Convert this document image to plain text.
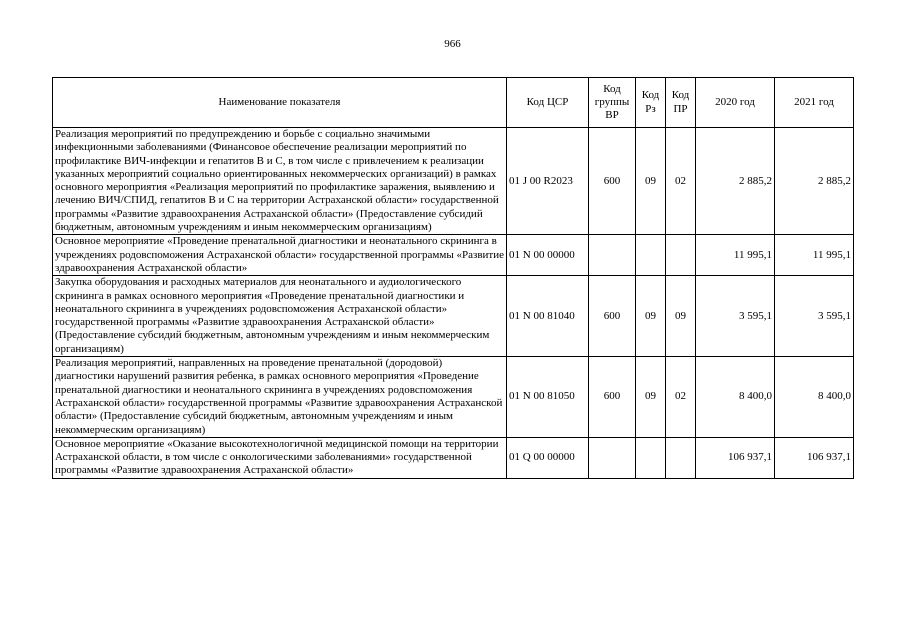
966
Наименование показателя	Код ЦСР	Код группы ВР	Код Рз	Код ПР	2020 год	2021 год
Реализация мероприятий по предупреждению и борьбе с социально значимыми инфекционными заболеваниями (Финансовое обеспечение реализации мероприятий по профилактике ВИЧ-инфекции и гепатитов В и С, в том числе с привлечением к реализации указанных мероприятий социально ориентированных некоммерческих организаций) в рамках основного мероприятия «Реализация мероприятий по профилактике заражения, выявлению и лечению ВИЧ/СПИД, гепатитов В и С на территории Астраханской области» государственной программы «Развитие здравоохранения Астраханской области» (Предоставление субсидий бюджетным, автономным учреждениям и иным некоммерческим организациям)	01 J 00 R2023	600	09	02	2 885,2	2 885,2
Основное мероприятие «Проведение пренатальной диагностики и неонатального скрининга в учреждениях родовспоможения Астраханской области» государственной программы «Развитие здравоохранения Астраханской области»	01 N 00 00000				11 995,1	11 995,1
Закупка оборудования и расходных материалов для неонатального и аудиологического скрининга в рамках основного мероприятия «Проведение пренатальной диагностики и неонатального скрининга в учреждениях родовспоможения Астраханской области» государственной программы «Развитие здравоохранения Астраханской области» (Предоставление субсидий бюджетным, автономным учреждениям и иным некоммерческим организациям)	01 N 00 81040	600	09	09	3 595,1	3 595,1
Реализация мероприятий, направленных на проведение пренатальной (дородовой) диагностики нарушений развития ребенка, в рамках основного мероприятия «Проведение пренатальной диагностики и неонатального скрининга в учреждениях родовспоможения Астраханской области» государственной программы «Развитие здравоохранения Астраханской области» (Предоставление субсидий бюджетным, автономным учреждениям и иным некоммерческим организациям)	01 N 00 81050	600	09	02	8 400,0	8 400,0
Основное мероприятие «Оказание высокотехнологичной медицинской помощи на территории Астраханской области, в том числе с онкологическими заболеваниями» государственной программы «Развитие здравоохранения Астраханской области»	01 Q 00 00000				106 937,1	106 937,1
